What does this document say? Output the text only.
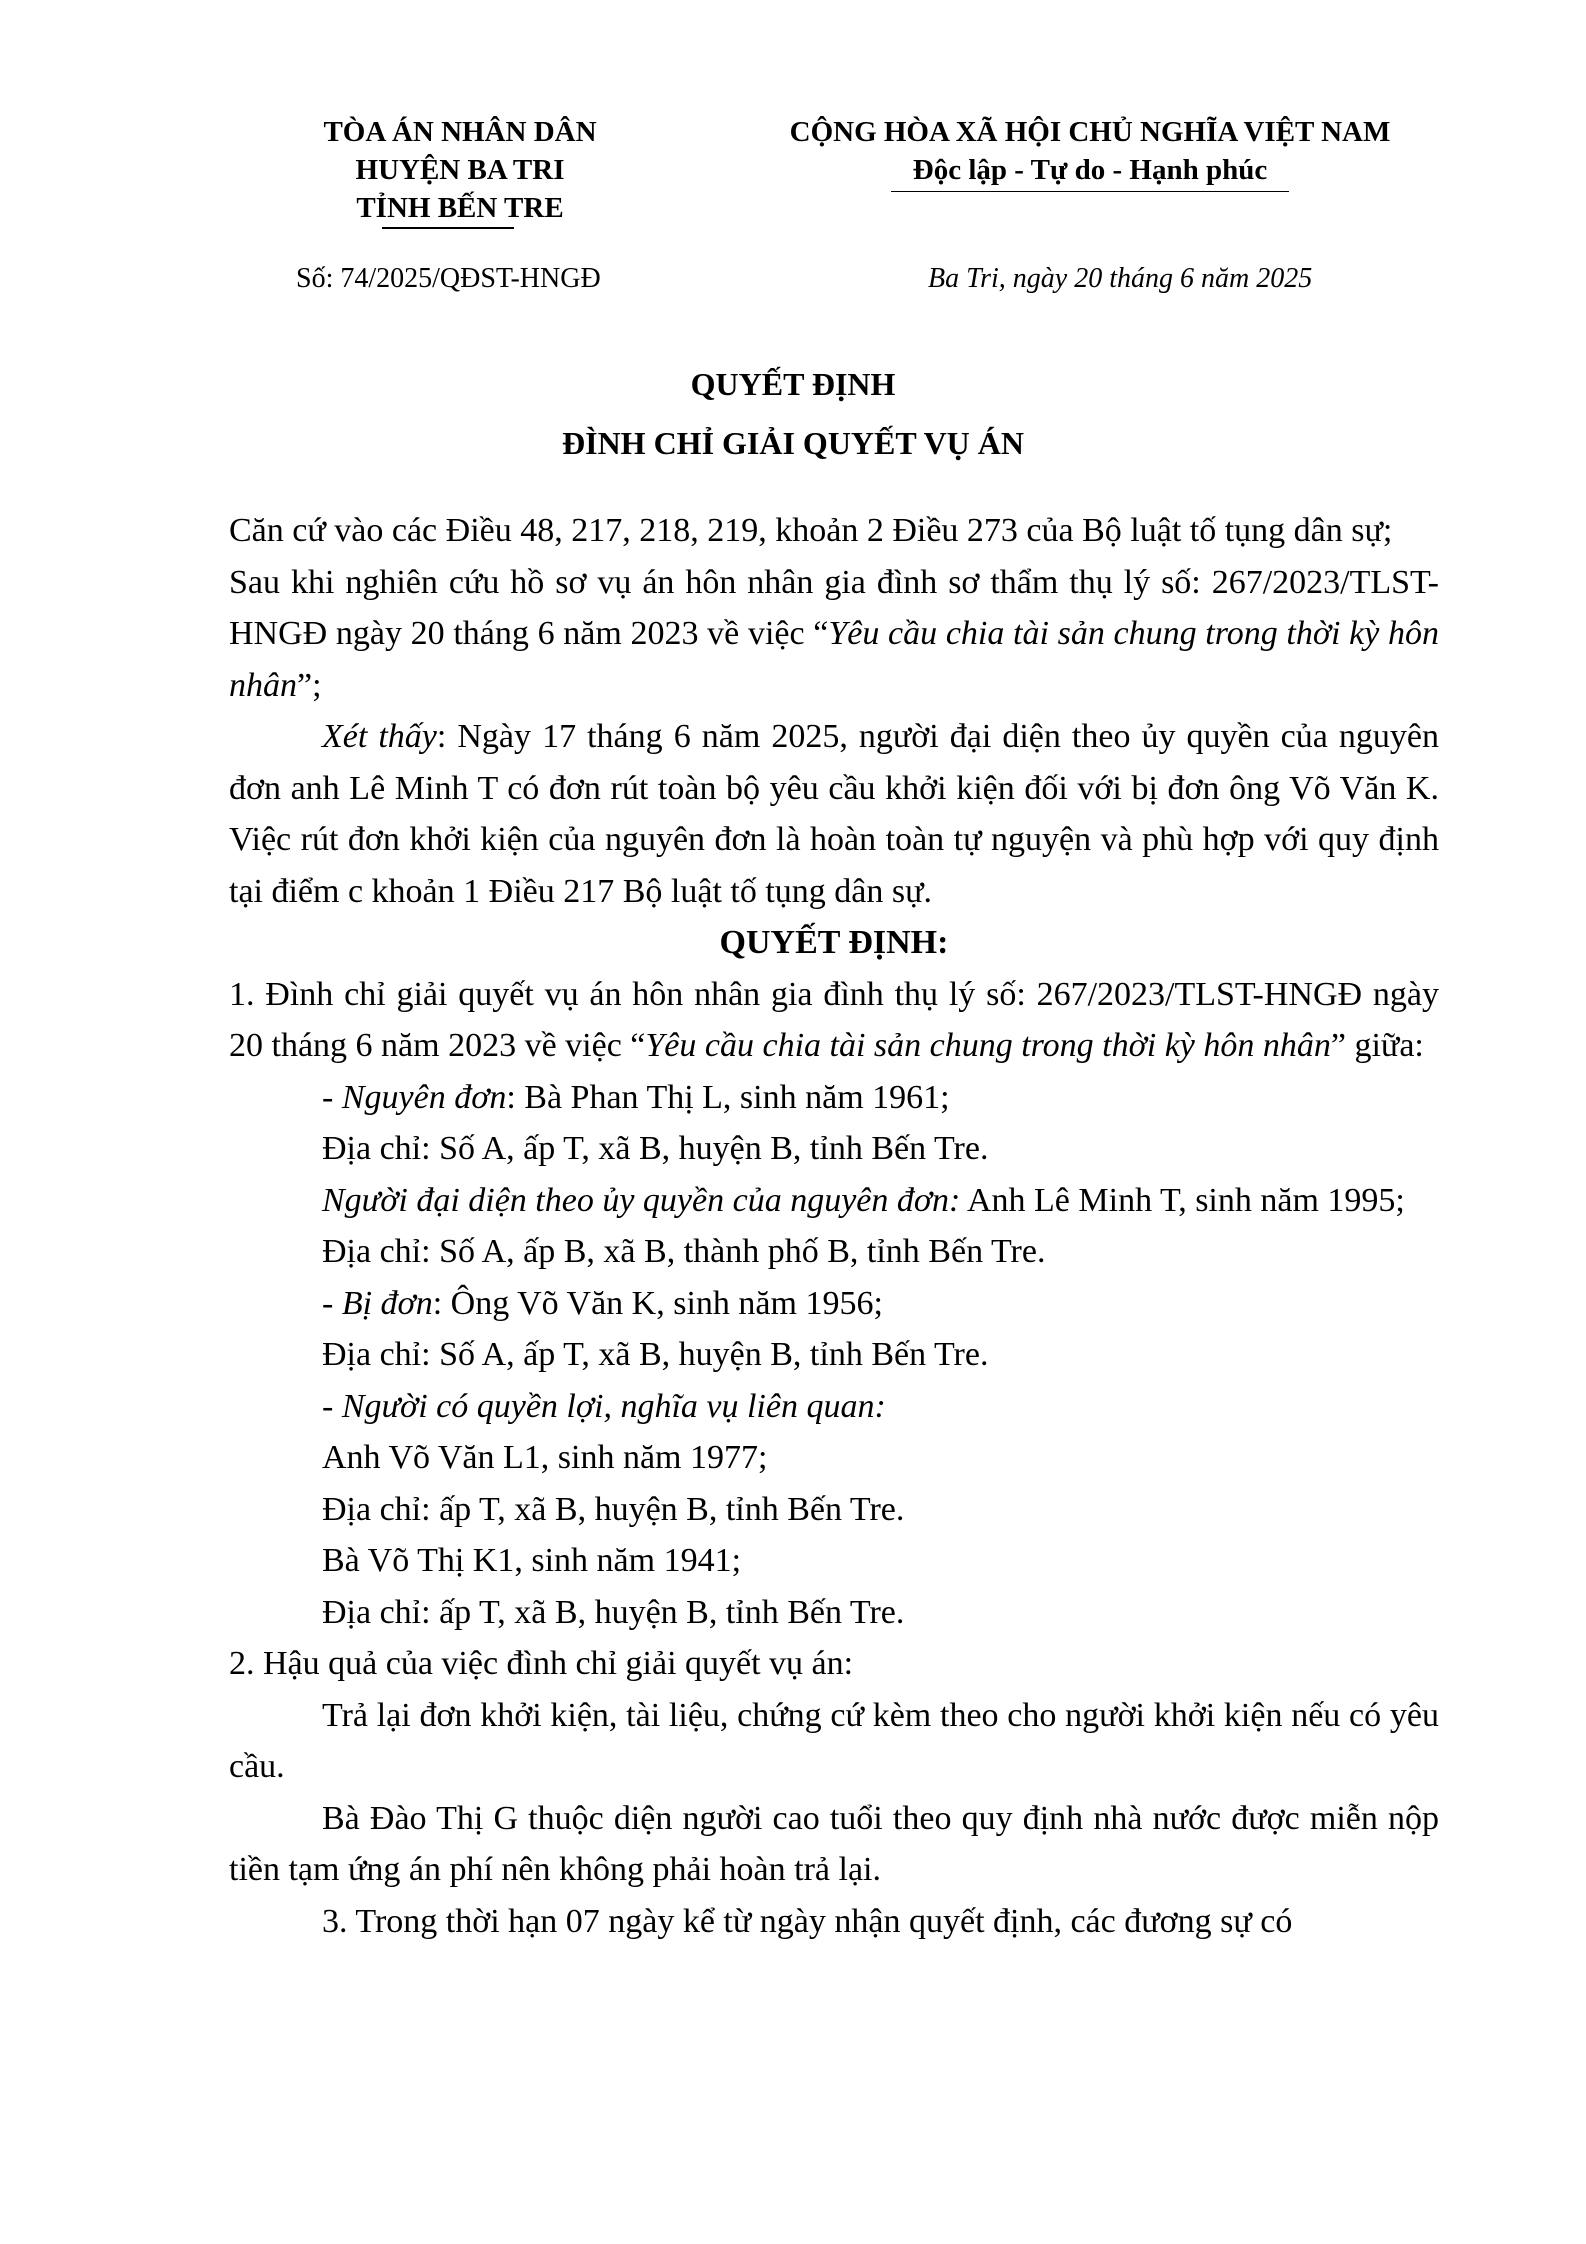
TÒA ÁN NHÂN DÂN
HUYỆN BA TRI
TỈNH BẾN TRE
CỘNG HÒA XÃ HỘI CHỦ NGHĨA VIỆT NAM
Độc lập - Tự do - Hạnh phúc
Số: 74/2025/QĐST-HNGĐ	Ba Tri, ngày 20 tháng 6 năm 2025
QUYẾT ĐỊNH
ĐÌNH CHỈ GIẢI QUYẾT VỤ ÁN

Căn cứ vào các Điều 48, 217, 218, 219, khoản 2 Điều 273 của Bộ luật tố tụng dân sự;

Sau khi nghiên cứu hồ sơ vụ án hôn nhân gia đình sơ thẩm thụ lý số: 267/2023/TLST-HNGĐ ngày 20 tháng 6 năm 2023 về việc “Yêu cầu chia tài sản chung trong thời kỳ hôn nhân”;

Xét thấy: Ngày 17 tháng 6 năm 2025, người đại diện theo ủy quyền của nguyên đơn anh Lê Minh T có đơn rút toàn bộ yêu cầu khởi kiện đối với bị đơn ông Võ Văn K. Việc rút đơn khởi kiện của nguyên đơn là hoàn toàn tự nguyện và phù hợp với quy định tại điểm c khoản 1 Điều 217 Bộ luật tố tụng dân sự.

QUYẾT ĐỊNH:

1. Đình chỉ giải quyết vụ án hôn nhân gia đình thụ lý số: 267/2023/TLST-HNGĐ ngày 20 tháng 6 năm 2023 về việc “Yêu cầu chia tài sản chung trong thời kỳ hôn nhân” giữa:

- Nguyên đơn: Bà Phan Thị L, sinh năm 1961;

Địa chỉ: Số A, ấp T, xã B, huyện B, tỉnh Bến Tre.

Người đại diện theo ủy quyền của nguyên đơn: Anh Lê Minh T, sinh năm 1995;

Địa chỉ: Số A, ấp B, xã B, thành phố B, tỉnh Bến Tre.

- Bị đơn: Ông Võ Văn K, sinh năm 1956;

Địa chỉ: Số A, ấp T, xã B, huyện B, tỉnh Bến Tre.

- Người có quyền lợi, nghĩa vụ liên quan:

Anh Võ Văn L1, sinh năm 1977;

Địa chỉ: ấp T, xã B, huyện B, tỉnh Bến Tre.

Bà Võ Thị K1, sinh năm 1941;

Địa chỉ: ấp T, xã B, huyện B, tỉnh Bến Tre.

2. Hậu quả của việc đình chỉ giải quyết vụ án:

Trả lại đơn khởi kiện, tài liệu, chứng cứ kèm theo cho người khởi kiện nếu có yêu cầu.

Bà Đào Thị G thuộc diện người cao tuổi theo quy định nhà nước được miễn nộp tiền tạm ứng án phí nên không phải hoàn trả lại.

3. Trong thời hạn 07 ngày kể từ ngày nhận quyết định, các đương sự có
